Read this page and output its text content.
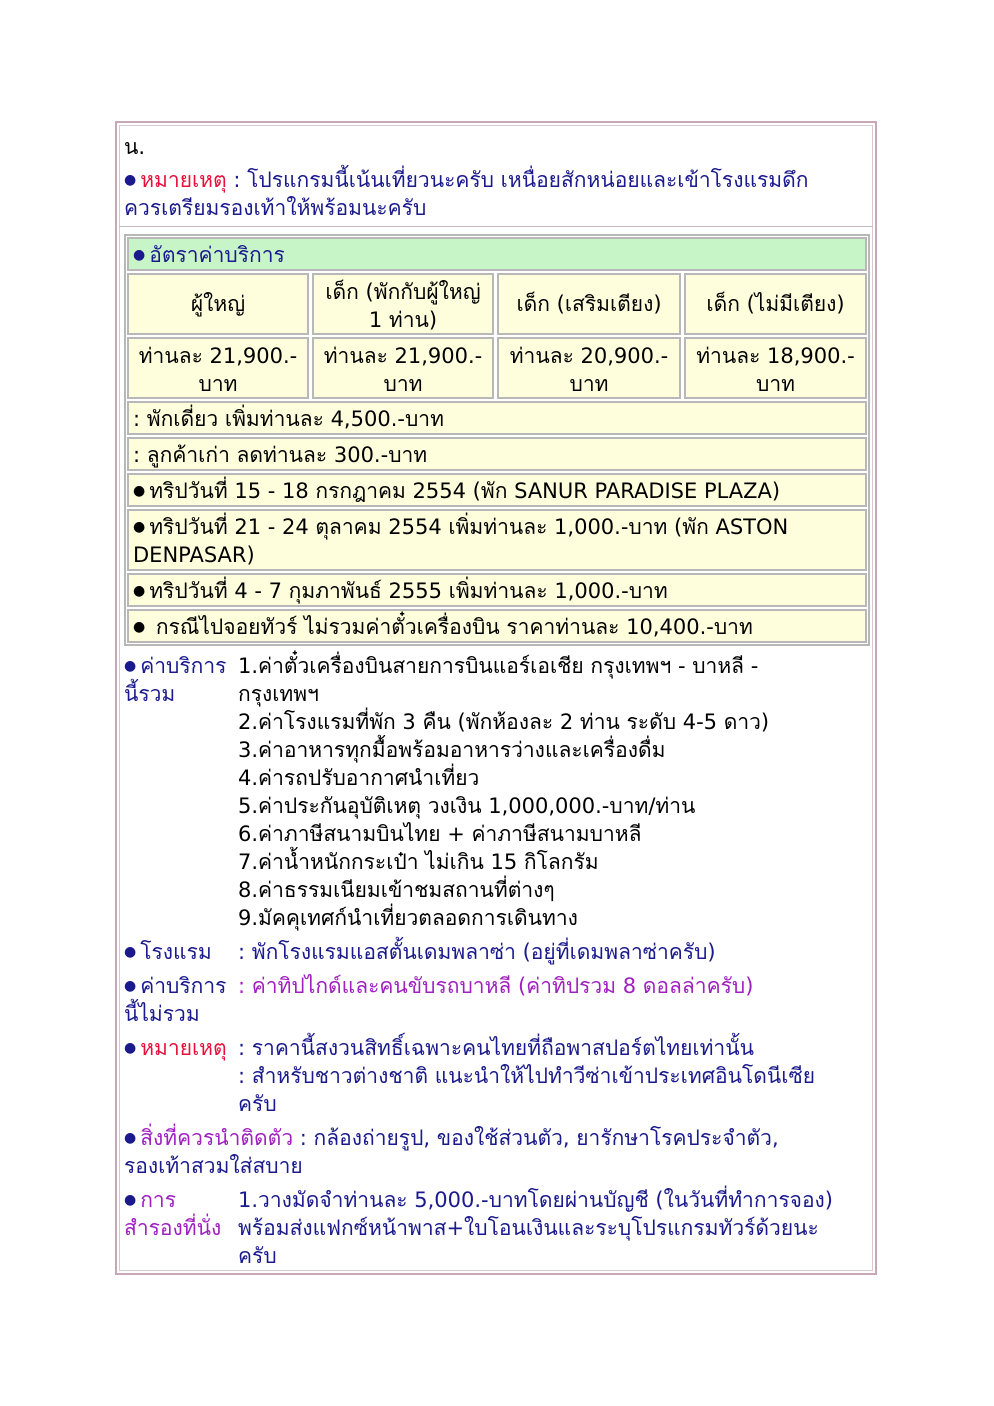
น.
● หมายเหตุ : โปรแกรมนี้เน้นเที่ยวนะครับ เหนื่อยสักหน่อยและเข้าโรงแรมดึก
ควรเตรียมรองเท้าให้พร้อมนะครับ
● อัตราค่าบริการ
ผู้ใหญ่	เด็ก (พักกับผู้ใหญ่
1 ท่าน)
เด็ก (เสริมเตียง)	เด็ก (ไม่มีเตียง)
ท่านละ 21,900.-
บาท
ท่านละ 21,900.-
บาท
ท่านละ 20,900.-
บาท
ท่านละ 18,900.-
บาท
: พักเดี่ยว เพิ่มท่านละ 4,500.-บาท
: ลูกค้าเก่า ลดท่านละ 300.-บาท
● ทริปวันที่ 15 - 18 กรกฎาคม 2554 (พัก SANUR PARADISE PLAZA)
● ทริปวันที่ 21 - 24 ตุลาคม 2554 เพิ่มท่านละ 1,000.-บาท (พัก ASTON
DENPASAR)
● ทริปวันที่ 4 - 7 กุมภาพันธ์ 2555 เพิ่มท่านละ 1,000.-บาท
● กรณีไปจอยทัวร์ ไม่รวมค่าตั๋วเครื่องบิน ราคาท่านละ 10,400.-บาท
● ค่าบริการ
นี้รวม
1.ค่าตั๋วเครื่องบินสายการบินแอร์เอเชีย กรุงเทพฯ - บาหลี -
กรุงเทพฯ
2.ค่าโรงแรมที่พัก 3 คืน (พักห้องละ 2 ท่าน ระดับ 4-5 ดาว)
3.ค่าอาหารทุกมื้อพร้อมอาหารว่างและเครื่องดื่ม
4.ค่ารถปรับอากาศนำเที่ยว
5.ค่าประกันอุบัติเหตุ วงเงิน 1,000,000.-บาท/ท่าน
6.ค่าภาษีสนามบินไทย + ค่าภาษีสนามบาหลี
7.ค่าน้ำหนักกระเป๋า ไม่เกิน 15 กิโลกรัม
8.ค่าธรรมเนียมเข้าชมสถานที่ต่างๆ
9.มัคคุเทศก์นำเที่ยวตลอดการเดินทาง
● โรงแรม : พักโรงแรมแอสตั้นเดมพลาซ่า (อยู่ที่เดมพลาซ่าครับ)
● ค่าบริการ
นี้ไม่รวม
: ค่าทิปไกด์และคนขับรถบาหลี (ค่าทิปรวม 8 ดอลล่าครับ)
● หมายเหตุ : ราคานี้สงวนสิทธิ์เฉพาะคนไทยที่ถือพาสปอร์ตไทยเท่านั้น
: สำหรับชาวต่างชาติ แนะนำให้ไปทำวีซ่าเข้าประเทศอินโดนีเซีย
ครับ
● สิ่งที่ควรนำติดตัว : กล้องถ่ายรูป, ของใช้ส่วนตัว, ยารักษาโรคประจำตัว,
รองเท้าสวมใส่สบาย
● การ
สำรองที่นั่ง
1.วางมัดจำท่านละ 5,000.-บาทโดยผ่านบัญชี (ในวันที่ทำการจอง)
พร้อมส่งแฟกซ์หน้าพาส+ใบโอนเงินและระบุโปรแกรมทัวร์ด้วยนะ
ครับ
